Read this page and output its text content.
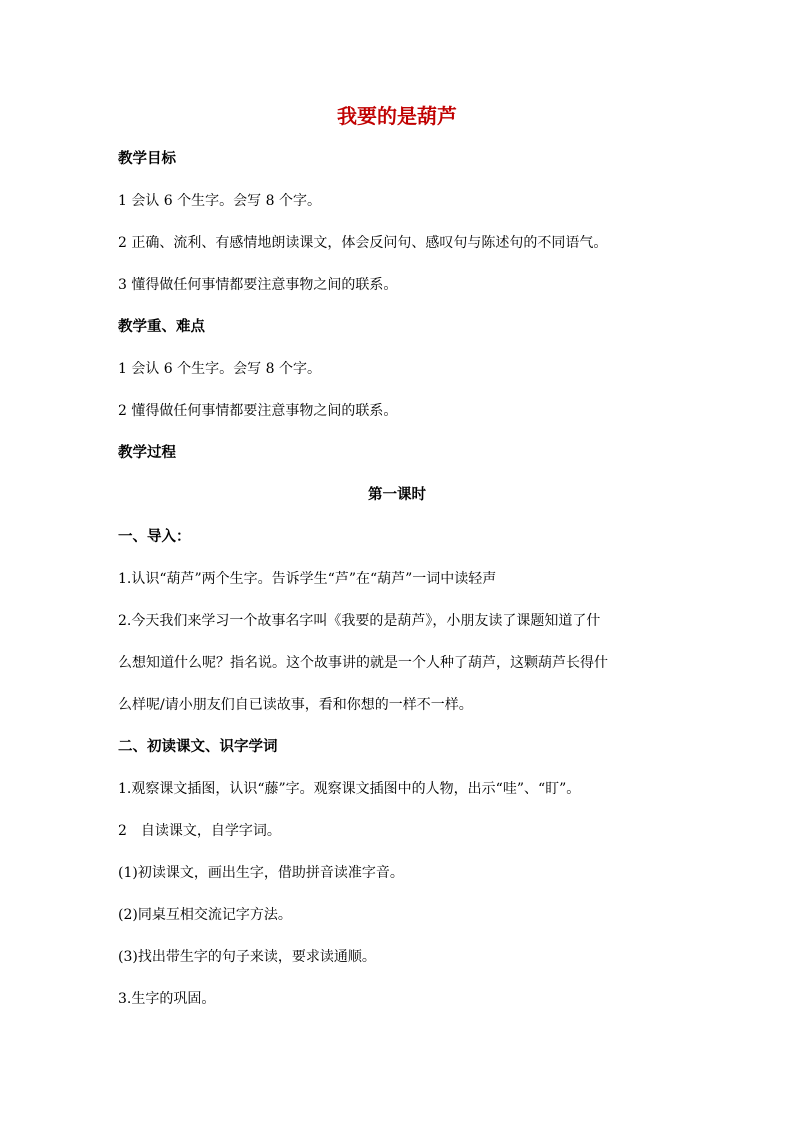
我要的是葫芦
教学目标
1 会认 6 个生字。会写 8 个字。
2 正确、流利、有感情地朗读课文，体会反问句、感叹句与陈述句的不同语气。
3 懂得做任何事情都要注意事物之间的联系。
教学重、难点
1 会认 6 个生字。会写 8 个字。
2 懂得做任何事情都要注意事物之间的联系。
教学过程
第一课时
一、导入：
1.认识“葫芦”两个生字。告诉学生“芦”在“葫芦”一词中读轻声
2.今天我们来学习一个故事名字叫《我要的是葫芦》，小朋友读了课题知道了什
么想知道什么呢？指名说。这个故事讲的就是一个人种了葫芦，这颗葫芦长得什
么样呢/请小朋友们自已读故事，看和你想的一样不一样。
二、初读课文、识字学词
1.观察课文插图，认识“藤”字。观察课文插图中的人物，出示“哇”、“盯”。
2　自读课文，自学字词。
(1)初读课文，画出生字，借助拼音读准字音。
(2)同桌互相交流记字方法。
(3)找出带生字的句子来读，要求读通顺。
3.生字的巩固。
